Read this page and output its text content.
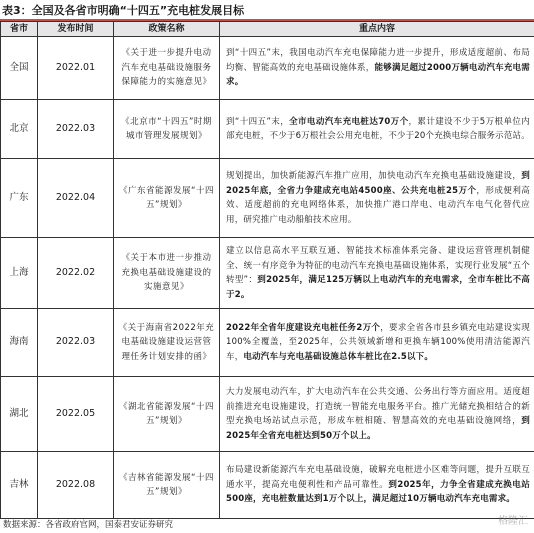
表3：全国及各省市明确“十四五”充电桩发展目标
省市	发布时间	政策名称	重点内容
全国	2022.01	《关于进一步提升电动汽车充电基础设施服务保障能力的实施意见》	到“十四五”末，我国电动汽车充电保障能力进一步提升，形成适度超前、布局均衡、智能高效的充电基础设施体系，能够满足超过2000万辆电动汽车充电需求。
北京	2022.03	《北京市“十四五”时期城市管理发展规划》	到“十四五”末，全市电动汽车充电桩达70万个，累计建设不少于5万根单位内部充电桩，不少于6万根社会公用充电桩，不少于20个充换电综合服务示范站。
广东	2022.04	《广东省能源发展“十四五”规划》	规划提出，加快新能源汽车推广应用，加快电动汽车充换电基础设施建设，到2025年底，全省力争建成充电站4500座、公共充电桩25万个，形成便利高效、适度超前的充电网络体系，加快推广港口岸电、电动汽车电气化替代应用，研究推广电动船舶技术应用。
上海	2022.02	《关于本市进一步推动充换电基础设施建设的实施意见》	建立以信息高水平互联互通、智能技术标准体系完备、建设运营管理机制健全、统一有序竞争为特征的电动汽车充换电基础设施体系，实现行业发展“五个转型”：到2025年，满足125万辆以上电动汽车的充电需求，全市车桩比不高于2。
海南	2022.03	《关于海南省2022年充电基础设施建设运营管理任务计划安排的函》	2022年全省年度建设充电桩任务2万个，要求全省各市县乡镇充电站建设实现100%全覆盖，至2025年，公共领域新增和更换车辆100%使用清洁能源汽车，电动汽车与充电基础设施总体车桩比在2.5以下。
湖北	2022.05	《湖北省能源发展“十四五”规划》	大力发展电动汽车，扩大电动汽车在公共交通、公务出行等方面应用。适度超前推进充电设施建设，打造统一智能充电服务平台。推广光储充换相结合的新型充换电场站试点示范，形成车桩相随、智慧高效的充电基础设施网络，到2025年全省充电桩达到50万个以上。
吉林	2022.08	《吉林省能源发展“十四五”规划》	布局建设新能源汽车充电基础设施，破解充电桩进小区难等问题，提升互联互通水平，提高充电便利性和产品可靠性。到2025年，力争全省建成充换电站500座，充电桩数量达到1万个以上，满足超过10万辆电动汽车充电需求。
数据来源：各省政府官网，国泰君安证券研究	格隆汇
